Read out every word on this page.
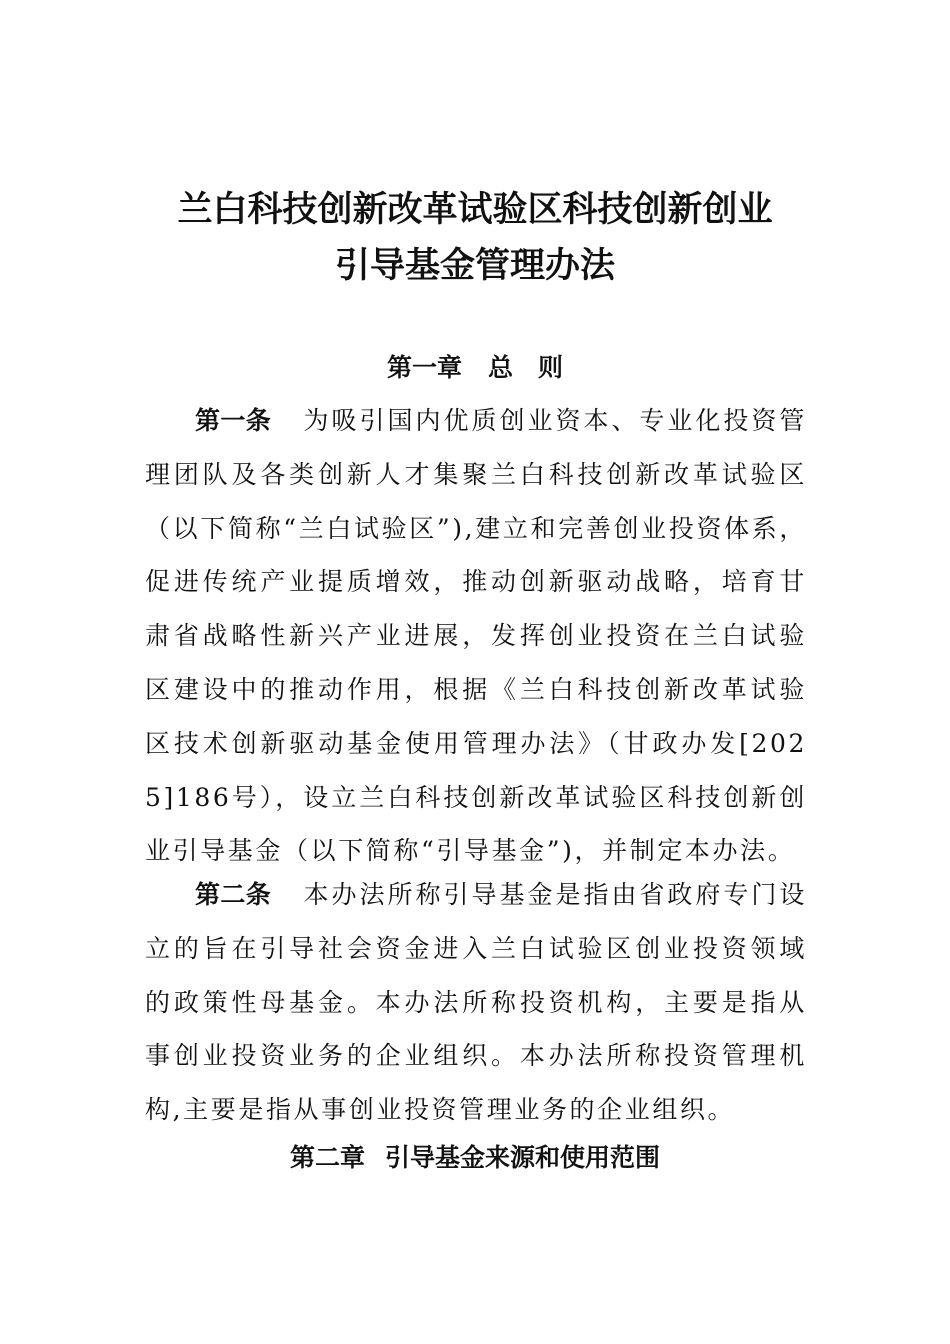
兰白科技创新改革试验区科技创新创业
引导基金管理办法
第一章 总　则

第一条 为吸引国内优质创业资本、专业化投资管理团队及各类创新人才集聚兰白科技创新改革试验区（以下简称“兰白试验区”),建立和完善创业投资体系，促进传统产业提质增效，推动创新驱动战略，培育甘肃省战略性新兴产业进展，发挥创业投资在兰白试验区建设中的推动作用，根据《兰白科技创新改革试验区技术创新驱动基金使用管理办法》（甘政办发[2025]186号），设立兰白科技创新改革试验区科技创新创业引导基金（以下简称“引导基金”)，并制定本办法。

第二条 本办法所称引导基金是指由省政府专门设立的旨在引导社会资金进入兰白试验区创业投资领域的政策性母基金。本办法所称投资机构，主要是指从事创业投资业务的企业组织。本办法所称投资管理机构,主要是指从事创业投资管理业务的企业组织。

第二章 引导基金来源和使用范围
